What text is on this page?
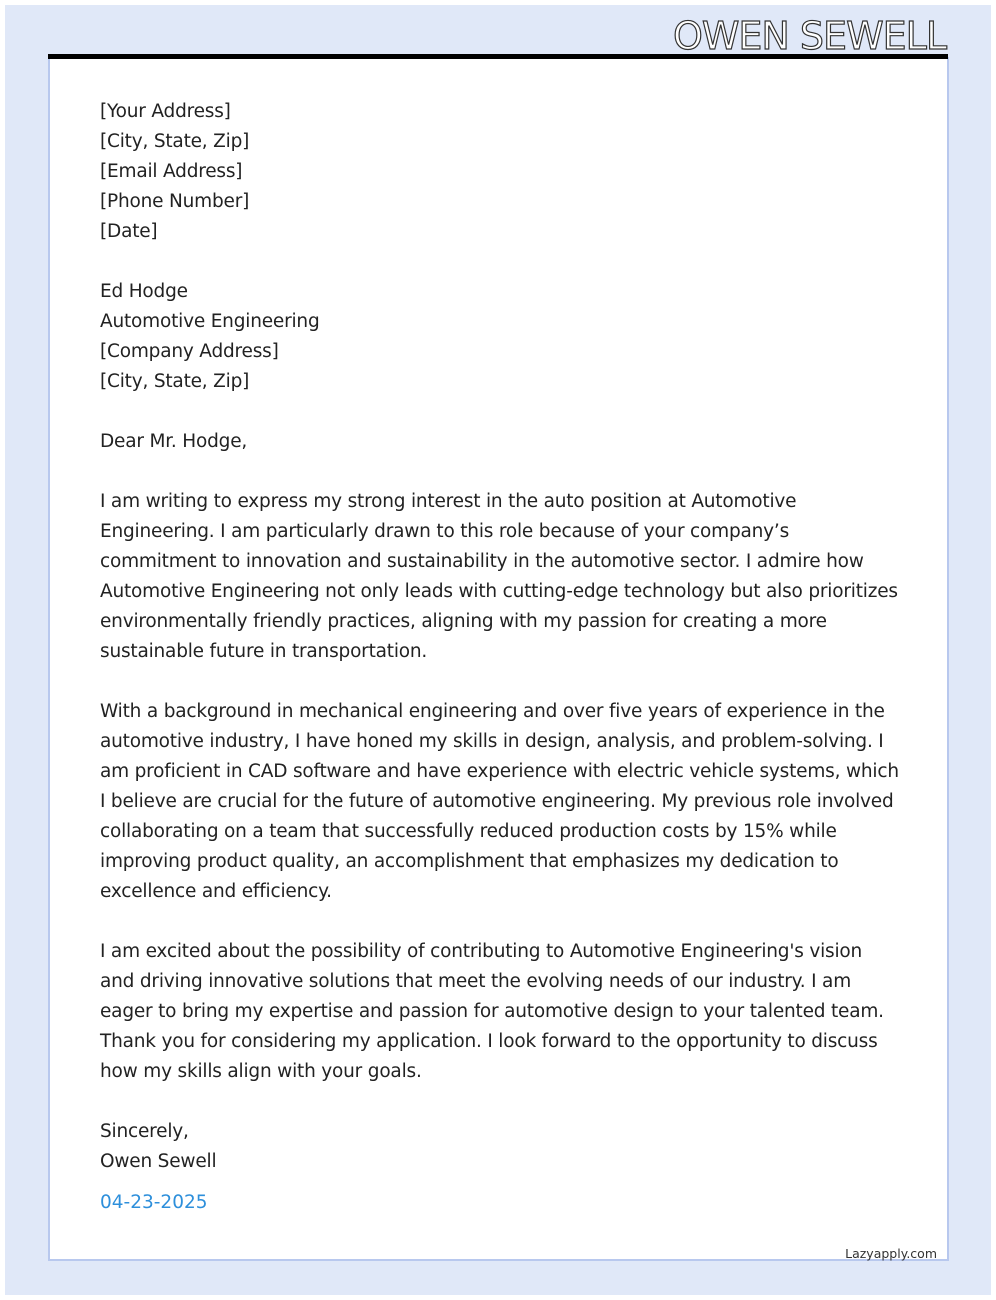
OWEN SEWELL
[Your Address]
[City, State, Zip]
[Email Address]
[Phone Number]
[Date]
Ed Hodge
Automotive Engineering
[Company Address]
[City, State, Zip]
Dear Mr. Hodge,

I am writing to express my strong interest in the auto position at Automotive Engineering. I am particularly drawn to this role because of your company’s commitment to innovation and sustainability in the automotive sector. I admire how Automotive Engineering not only leads with cutting-edge technology but also prioritizes environmentally friendly practices, aligning with my passion for creating a more sustainable future in transportation.

With a background in mechanical engineering and over five years of experience in the automotive industry, I have honed my skills in design, analysis, and problem-solving. I am proficient in CAD software and have experience with electric vehicle systems, which I believe are crucial for the future of automotive engineering. My previous role involved collaborating on a team that successfully reduced production costs by 15% while improving product quality, an accomplishment that emphasizes my dedication to excellence and efficiency.

I am excited about the possibility of contributing to Automotive Engineering's vision and driving innovative solutions that meet the evolving needs of our industry. I am eager to bring my expertise and passion for automotive design to your talented team. Thank you for considering my application. I look forward to the opportunity to discuss how my skills align with your goals.

Sincerely,
Owen Sewell
04-23-2025
Lazyapply.com
